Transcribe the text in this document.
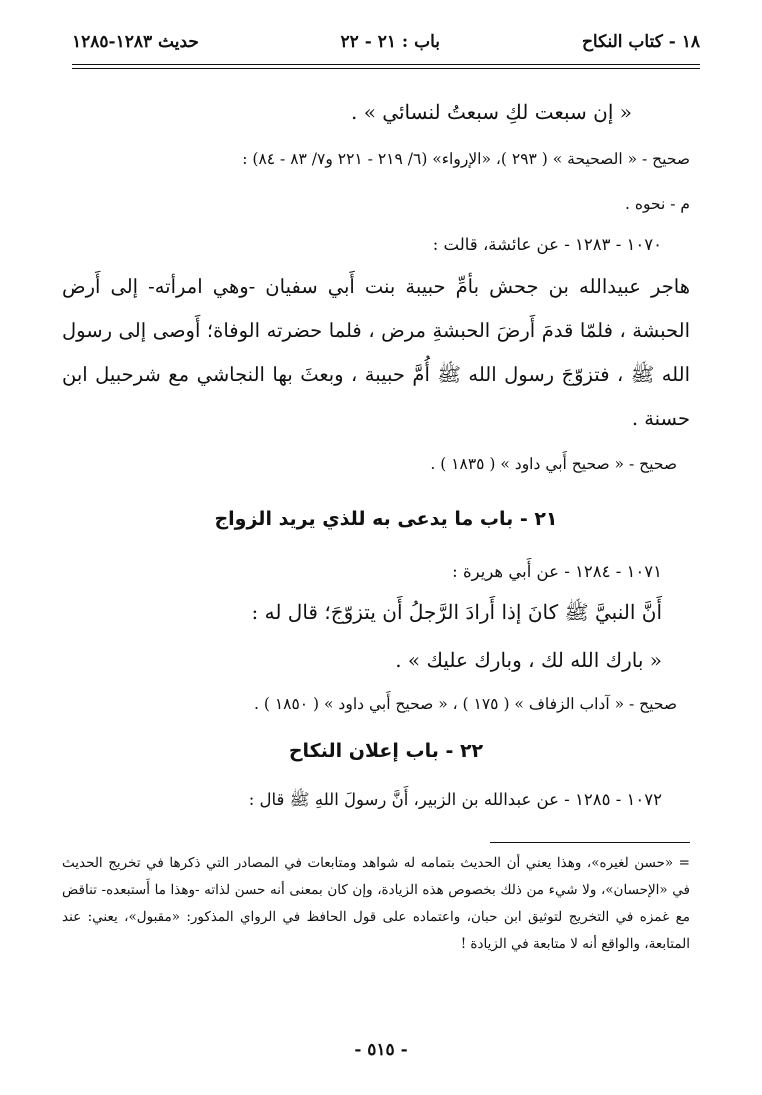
١٨ - كتاب النكاح
باب : ٢١ - ٢٢
حديث ١٢٨٣-١٢٨٥
« إن سبعت لكِ سبعتُ لنسائي » .
صحيح - « الصحيحة » ( ٢٩٣ )، «الإرواء» (٦/ ٢١٩ - ٢٢١ و٧/ ٨٣ - ٨٤) :
م - نحوه .
١٠٧٠ - ١٢٨٣ - عن عائشة، قالت :
هاجر عبيدالله بن جحش بأمِّ حبيبة بنت أَبي سفيان -وهي امرأته- إلى أَرض الحبشة ، فلمّا قدمَ أَرضَ الحبشةِ مرض ، فلما حضرته الوفاة؛ أَوصى إلى رسول الله ﷺ ، فتزوّجَ رسول الله ﷺ أُمَّ حبيبة ، وبعثَ بها النجاشي مع شرحبيل ابن حسنة .
صحيح - « صحيح أَبي داود » ( ١٨٣٥ ) .
٢١ - باب ما يدعى به للذي يريد الزواج
١٠٧١ - ١٢٨٤ - عن أَبي هريرة :
أَنَّ النبيَّ ﷺ كانَ إذا أَرادَ الرَّجلُ أَن يتزوّجَ؛ قال له :
« بارك الله لك ، وبارك عليك » .
صحيح - « آداب الزفاف » ( ١٧٥ ) ، « صحيح أَبي داود » ( ١٨٥٠ ) .
٢٢ - باب إعلان النكاح
١٠٧٢ - ١٢٨٥ - عن عبدالله بن الزبير، أَنَّ رسولَ اللهِ ﷺ قال :
= «حسن لغيره»، وهذا يعني أن الحديث بتمامه له شواهد ومتابعات في المصادر التي ذكرها في تخريج الحديث في «الإحسان»، ولا شيء من ذلك بخصوص هذه الزيادة، وإن كان بمعنى أنه حسن لذاته -وهذا ما أَستبعده- تناقض مع غمزه في التخريج لتوثيق ابن حبان، واعتماده على قول الحافظ في الرواي المذكور: «مقبول»، يعني: عند المتابعة، والواقع أنه لا متابعة في الزيادة !
- ٥١٥ -
